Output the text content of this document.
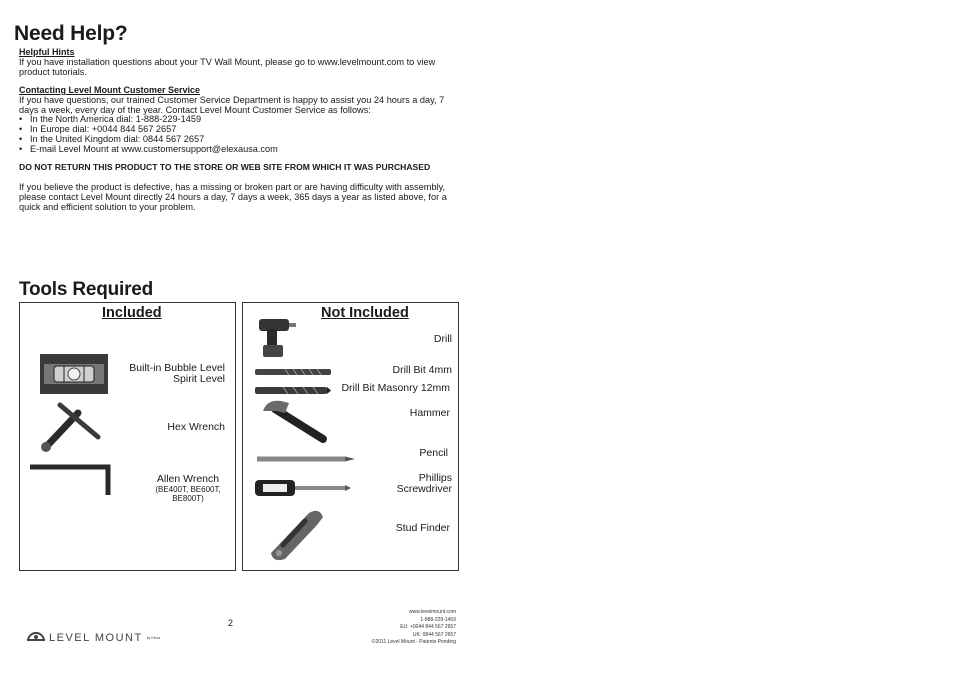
Need Help?
Helpful Hints
If you have installation questions about your TV Wall Mount, please go to www.levelmount.com to view product tutorials.
Contacting Level Mount Customer Service
If you have questions, our trained Customer Service Department is happy to assist you 24 hours a day, 7 days a week, every day of the year. Contact Level Mount Customer Service as follows:
• In the North America dial: 1-888-229-1459
• In Europe dial: +0044 844 567 2657
• In the United Kingdom dial: 0844 567 2657
• E-mail Level Mount at www.customersupport@elexausa.com
DO NOT RETURN THIS PRODUCT TO THE STORE OR WEB SITE FROM WHICH IT WAS PURCHASED
If you believe the product is defective, has a missing or broken part or are having difficulty with assembly, please contact Level Mount directly 24 hours a day, 7 days a week, 365 days a year as listed above, for a quick and efficient solution to your problem.
Tools Required
Included
Built-in Bubble Level Spirit Level
Hex Wrench
Allen Wrench
(BE400T, BE600T, BE800T)
Not Included
Drill
Drill Bit 4mm
Drill Bit Masonry 12mm
Hammer
Pencil
Phillips Screwdriver
Stud Finder
2
LEVEL MOUNT by Elexa
www.levelmount.com
1-888-229-1459
EU: +0044 844 567 2657
UK: 0844 567 2657
©2011 Level Mount - Patents Pending
